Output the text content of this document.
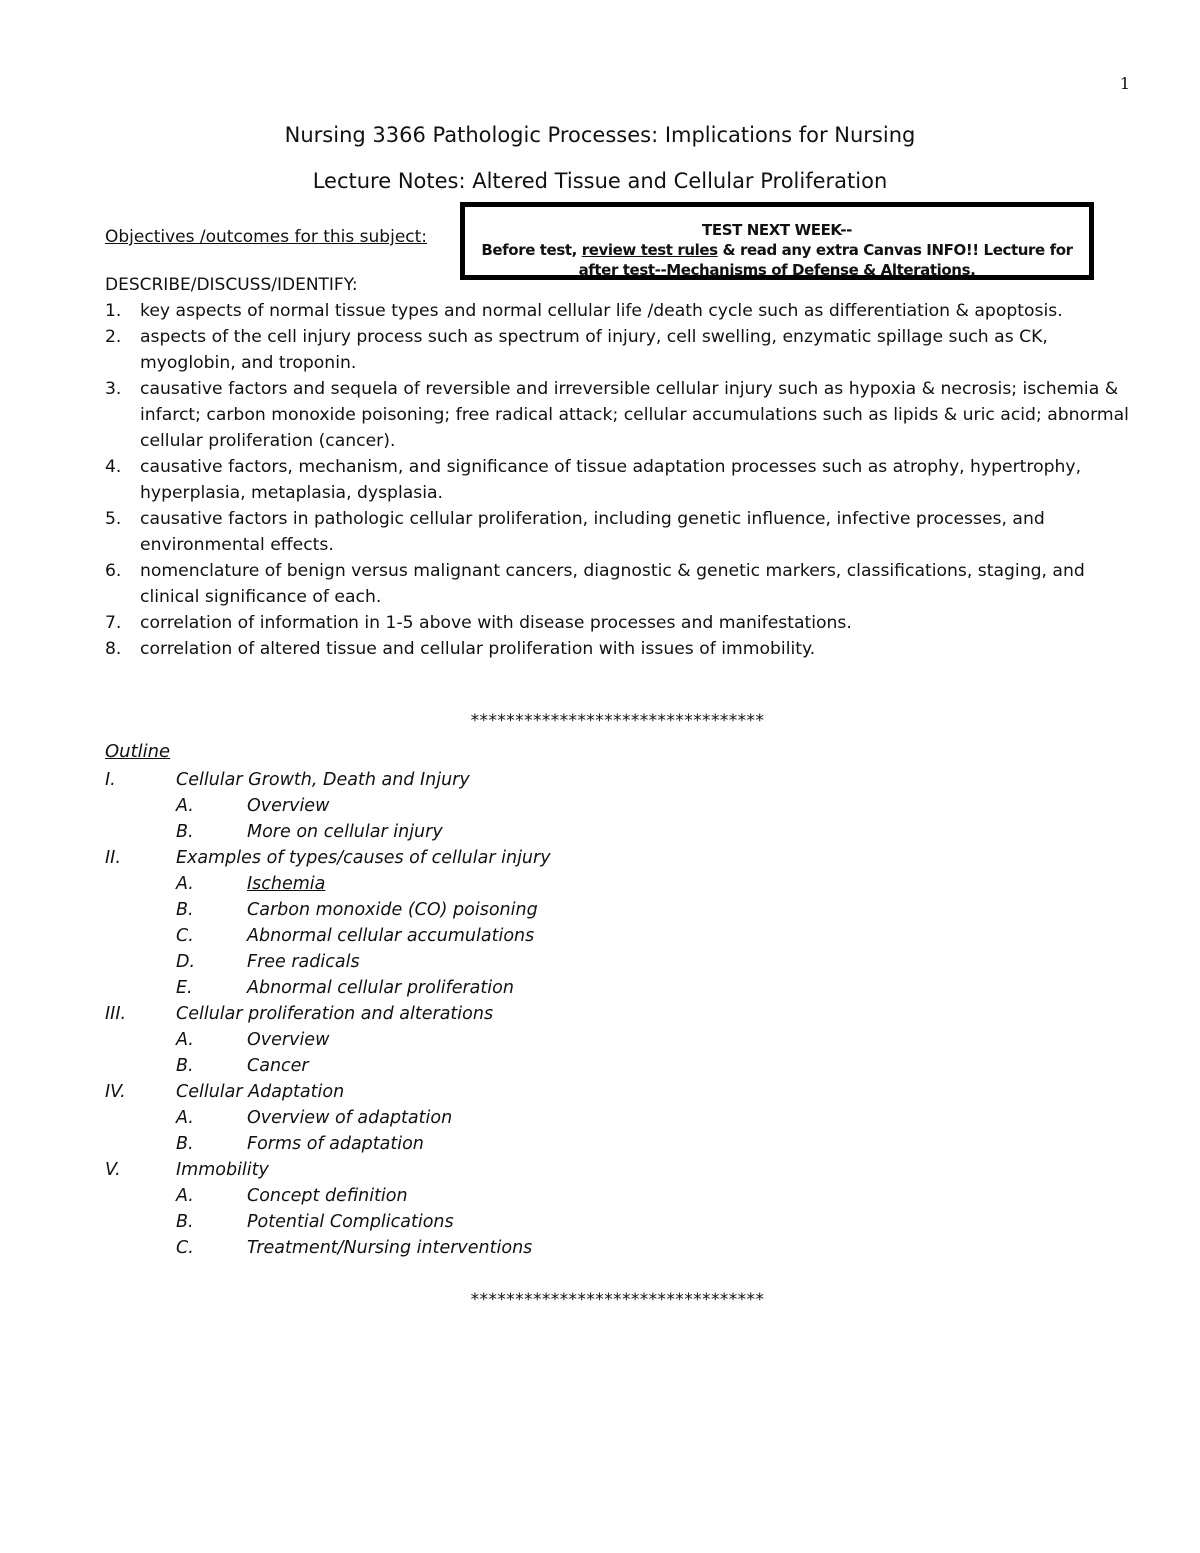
1
Nursing 3366 Pathologic Processes: Implications for Nursing
Lecture Notes: Altered Tissue and Cellular Proliferation
Objectives /outcomes for this subject:
DESCRIBE/DISCUSS/IDENTIFY:
TEST NEXT WEEK--
Before test, review test rules & read any extra Canvas INFO!! Lecture for after test--Mechanisms of Defense & Alterations.
1. key aspects of normal tissue types and normal cellular life /death cycle such as differentiation & apoptosis.
2. aspects of the cell injury process such as spectrum of injury, cell swelling, enzymatic spillage such as CK, myoglobin, and troponin.
3. causative factors and sequela of reversible and irreversible cellular injury such as hypoxia & necrosis; ischemia & infarct; carbon monoxide poisoning; free radical attack; cellular accumulations such as lipids & uric acid; abnormal cellular proliferation (cancer).
4. causative factors, mechanism, and significance of tissue adaptation processes such as atrophy, hypertrophy, hyperplasia, metaplasia, dysplasia.
5. causative factors in pathologic cellular proliferation, including genetic influence, infective processes, and environmental effects.
6. nomenclature of benign versus malignant cancers, diagnostic & genetic markers, classifications, staging, and clinical significance of each.
7. correlation of information in 1-5 above with disease processes and manifestations.
8. correlation of altered tissue and cellular proliferation with issues of immobility.
*********************************
Outline
I.	Cellular Growth, Death and Injury
A.	Overview
B.	More on cellular injury
II.	Examples of types/causes of cellular injury
A.	Ischemia
B.	Carbon monoxide (CO) poisoning
C.	Abnormal cellular accumulations
D.	Free radicals
E.	Abnormal cellular proliferation
III.	Cellular proliferation and alterations
A.	Overview
B.	Cancer
IV.	Cellular Adaptation
A.	Overview of adaptation
B.	Forms of adaptation
V.	Immobility
A.	Concept definition
B.	Potential Complications
C.	Treatment/Nursing interventions
*********************************
